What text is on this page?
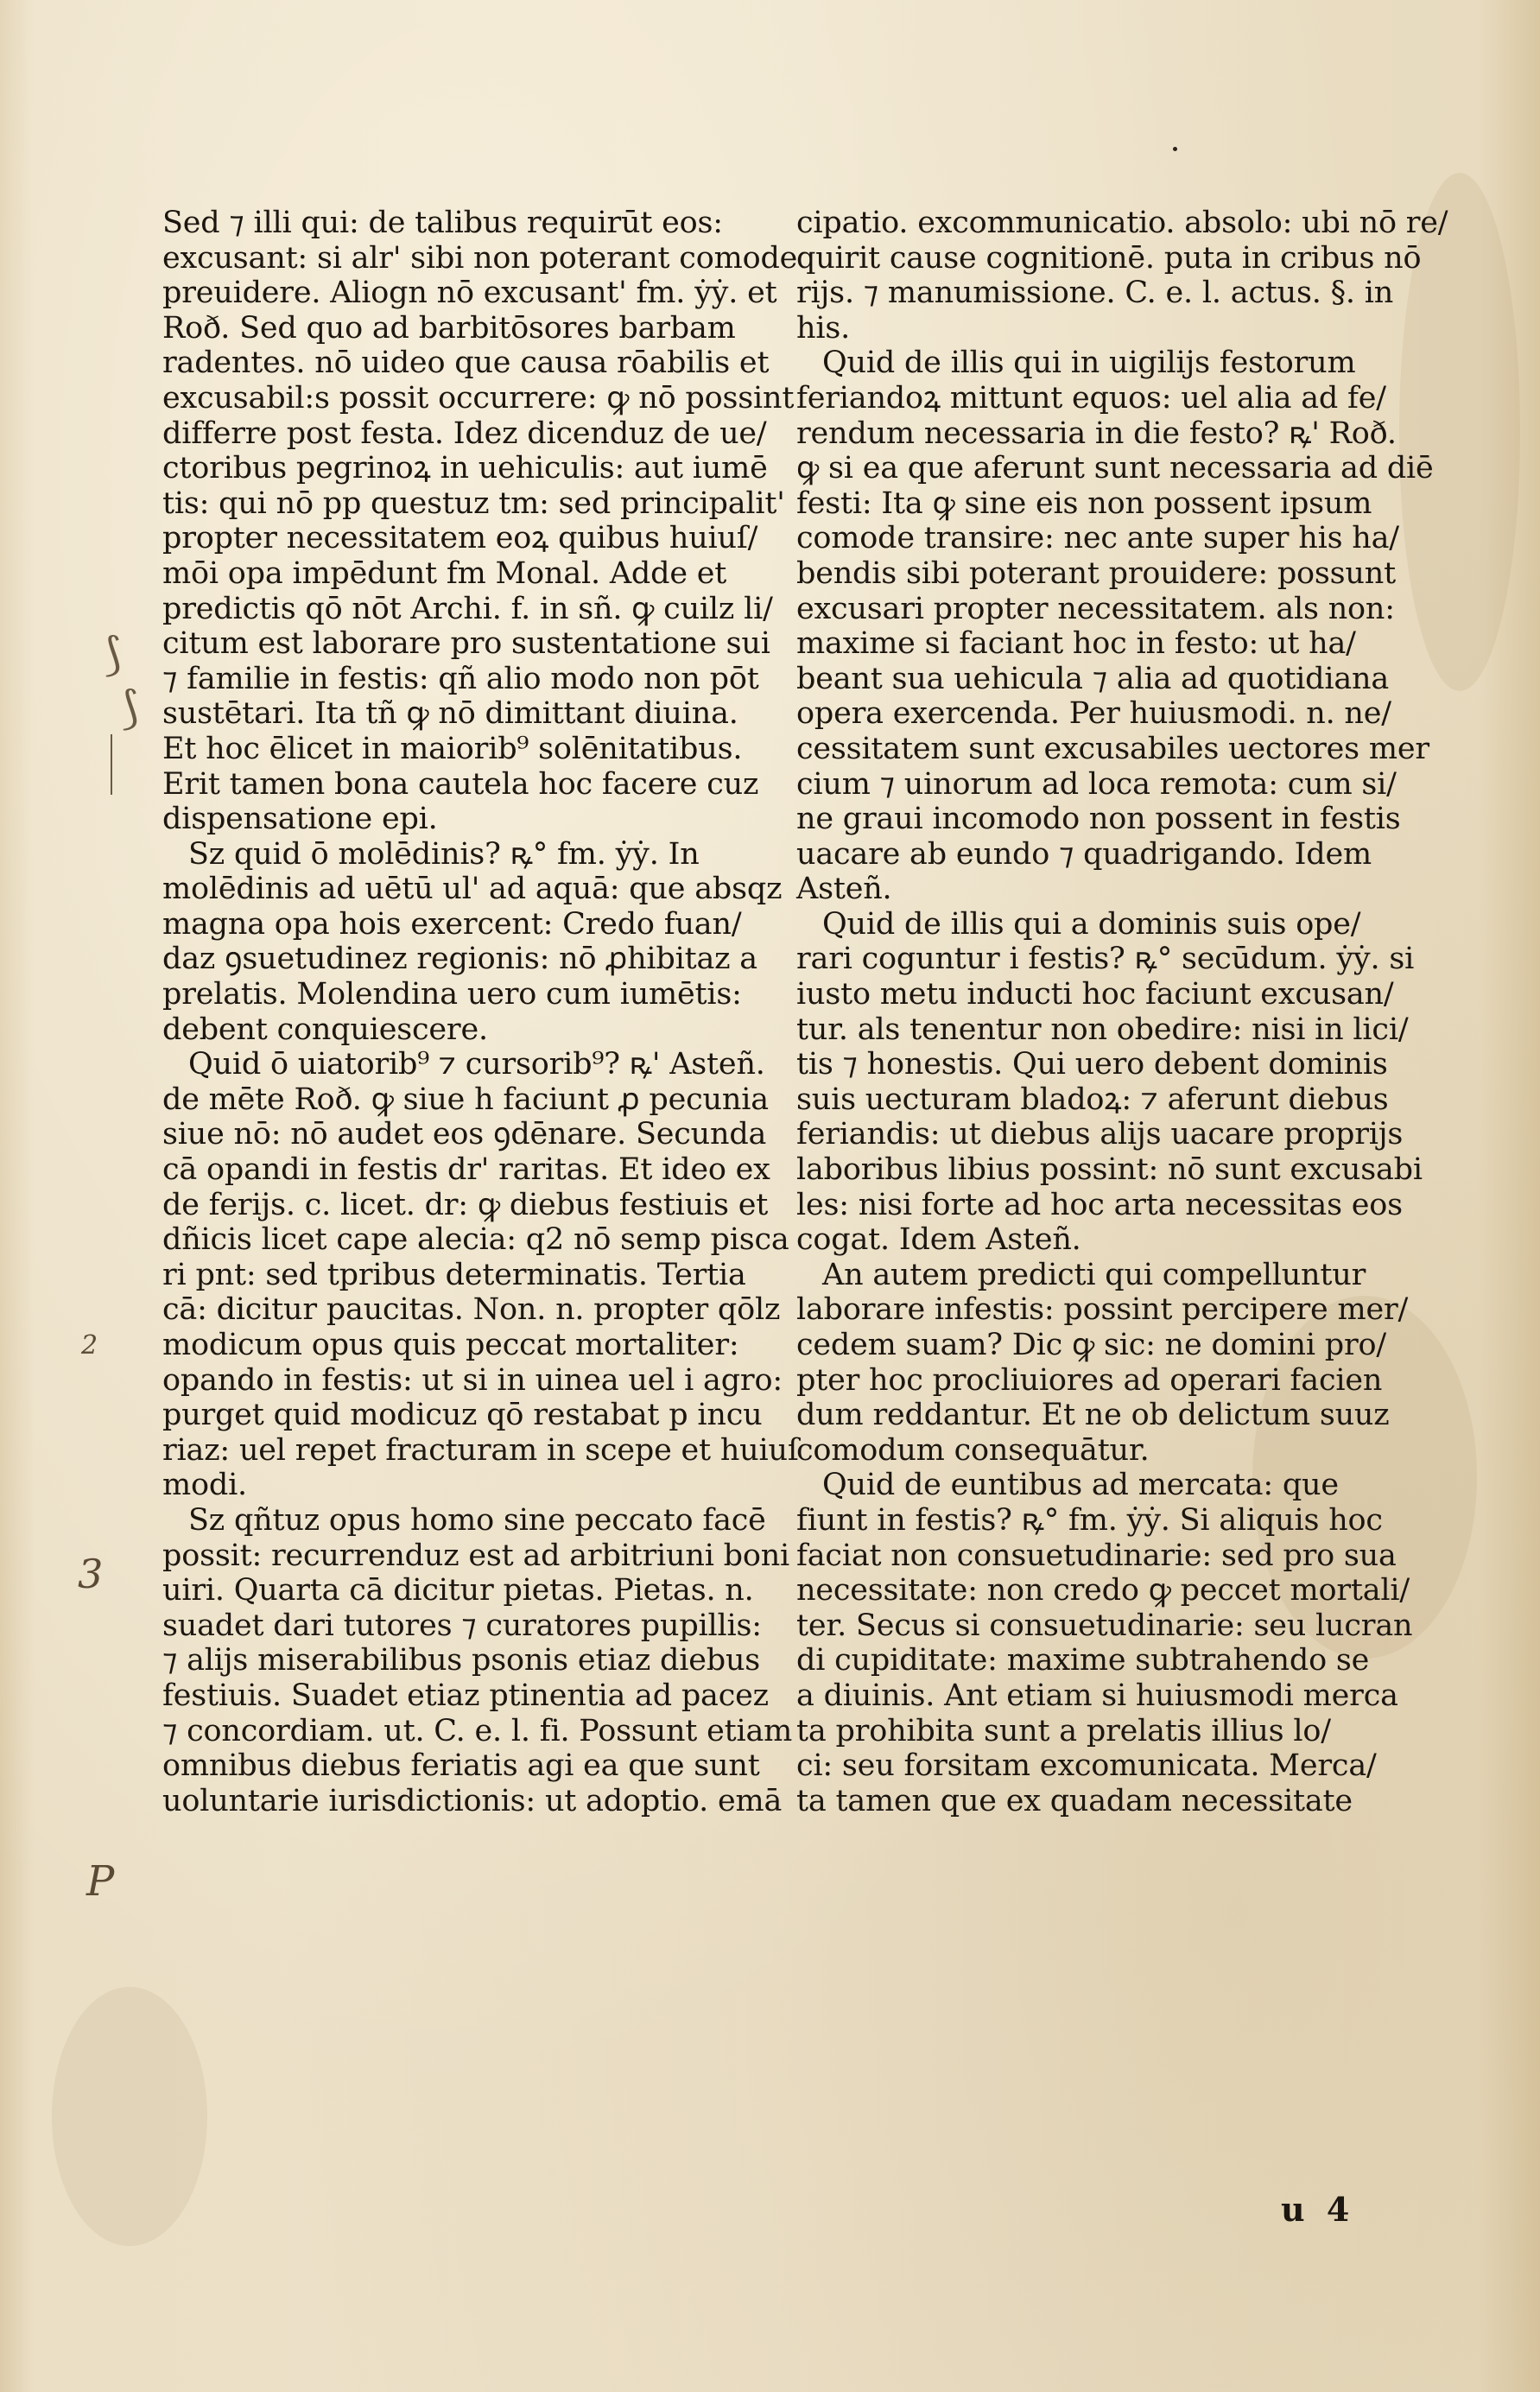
Sed ⁊ illi qui: de talibus requirūt eos:
excusant: si alr' sibi non poterant comode
preuidere. Aliogn nō excusant' fm. ẏẏ. et
Roð. Sed quo ad barbitōsores barbam
radentes. nō uideo que causa rōabilis et
excusabil:s possit occurrere: ꝙ nō possint
differre post festa. Idez dicenduz de ue/
ctoribus pegrinoꝝ in uehiculis: aut iumē
tis: qui nō pp questuz tm: sed principalit'
propter necessitatem eoꝝ quibus huiuſ/
mōi opa impēdunt fm Monal. Adde et
predictis qō nōt Archi. f. in sñ. ꝙ cuilz li/
citum est laborare pro sustentatione sui
⁊ familie in festis: qñ alio modo non pōt
sustētari. Ita tñ ꝙ nō dimittant diuina.
Et hoc ēlicet in maiorib⁹ solēnitatibus.
Erit tamen bona cautela hoc facere cuz
dispensatione epi.
Sz quid ō molēdinis? ꝶ° fm. ẏẏ. In
molēdinis ad uētū ul' ad aquā: que absqz
magna opa hois exercent: Credo fuan/
daz ꝯsuetudinez regionis: nō ꝓhibitaz a
prelatis. Molendina uero cum iumētis:
debent conquiescere.
Quid ō uiatorib⁹ ⁊ cursorib⁹? ꝶ' Asteñ.
de mēte Roð. ꝙ siue h faciunt ꝓ pecunia
siue nō: nō audet eos ꝯdēnare. Secunda
cā opandi in festis dr' raritas. Et ideo ex
de ferijs. c. licet. dr: ꝙ diebus festiuis et
dñicis licet cape alecia: q2 nō semp pisca
ri pnt: sed tpribus determinatis. Tertia
cā: dicitur paucitas. Non. n. propter qōlz
modicum opus quis peccat mortaliter:
opando in festis: ut si in uinea uel i agro:
purget quid modicuz qō restabat p incu
riaz: uel repet fracturam in scepe et huiuſ
modi.
Sz qñtuz opus homo sine peccato facē
possit: recurrenduz est ad arbitriuni boni
uiri. Quarta cā dicitur pietas. Pietas. n.
suadet dari tutores ⁊ curatores pupillis:
⁊ alijs miserabilibus psonis etiaz diebus
festiuis. Suadet etiaz ptinentia ad pacez
⁊ concordiam. ut. C. e. l. fi. Possunt etiam
omnibus diebus feriatis agi ea que sunt
uoluntarie iurisdictionis: ut adoptio. emā
cipatio. excommunicatio. absolo: ubi nō re/
quirit cause cognitionē. puta in cribus nō
rijs. ⁊ manumissione. C. e. l. actus. §. in
his.
Quid de illis qui in uigilijs festorum
feriandoꝝ mittunt equos: uel alia ad fe/
rendum necessaria in die festo? ꝶ' Roð.
ꝙ si ea que aferunt sunt necessaria ad diē
festi: Ita ꝙ sine eis non possent ipsum
comode transire: nec ante super his ha/
bendis sibi poterant prouidere: possunt
excusari propter necessitatem. als non:
maxime si faciant hoc in festo: ut ha/
beant sua uehicula ⁊ alia ad quotidiana
opera exercenda. Per huiusmodi. n. ne/
cessitatem sunt excusabiles uectores mer
cium ⁊ uinorum ad loca remota: cum si/
ne graui incomodo non possent in festis
uacare ab eundo ⁊ quadrigando. Idem
Asteñ.
Quid de illis qui a dominis suis ope/
rari coguntur i festis? ꝶ° secūdum. ẏẏ. si
iusto metu inducti hoc faciunt excusan/
tur. als tenentur non obedire: nisi in lici/
tis ⁊ honestis. Qui uero debent dominis
suis uecturam bladoꝝ: ⁊ aferunt diebus
feriandis: ut diebus alijs uacare proprijs
laboribus libius possint: nō sunt excusabi
les: nisi forte ad hoc arta necessitas eos
cogat. Idem Asteñ.
An autem predicti qui compelluntur
laborare infestis: possint percipere mer/
cedem suam? Dic ꝙ sic: ne domini pro/
pter hoc procliuiores ad operari facien
dum reddantur. Et ne ob delictum suuz
comodum consequātur.
Quid de euntibus ad mercata: que
fiunt in festis? ꝶ° fm. ẏẏ. Si aliquis hoc
faciat non consuetudinarie: sed pro sua
necessitate: non credo ꝙ peccet mortali/
ter. Secus si consuetudinarie: seu lucran
di cupiditate: maxime subtrahendo se
a diuinis. Ant etiam si huiusmodi merca
ta prohibita sunt a prelatis illius lo/
ci: seu forsitam excomunicata. Merca/
ta tamen que ex quadam necessitate
⟆
⟆
2
3
P
u 4
